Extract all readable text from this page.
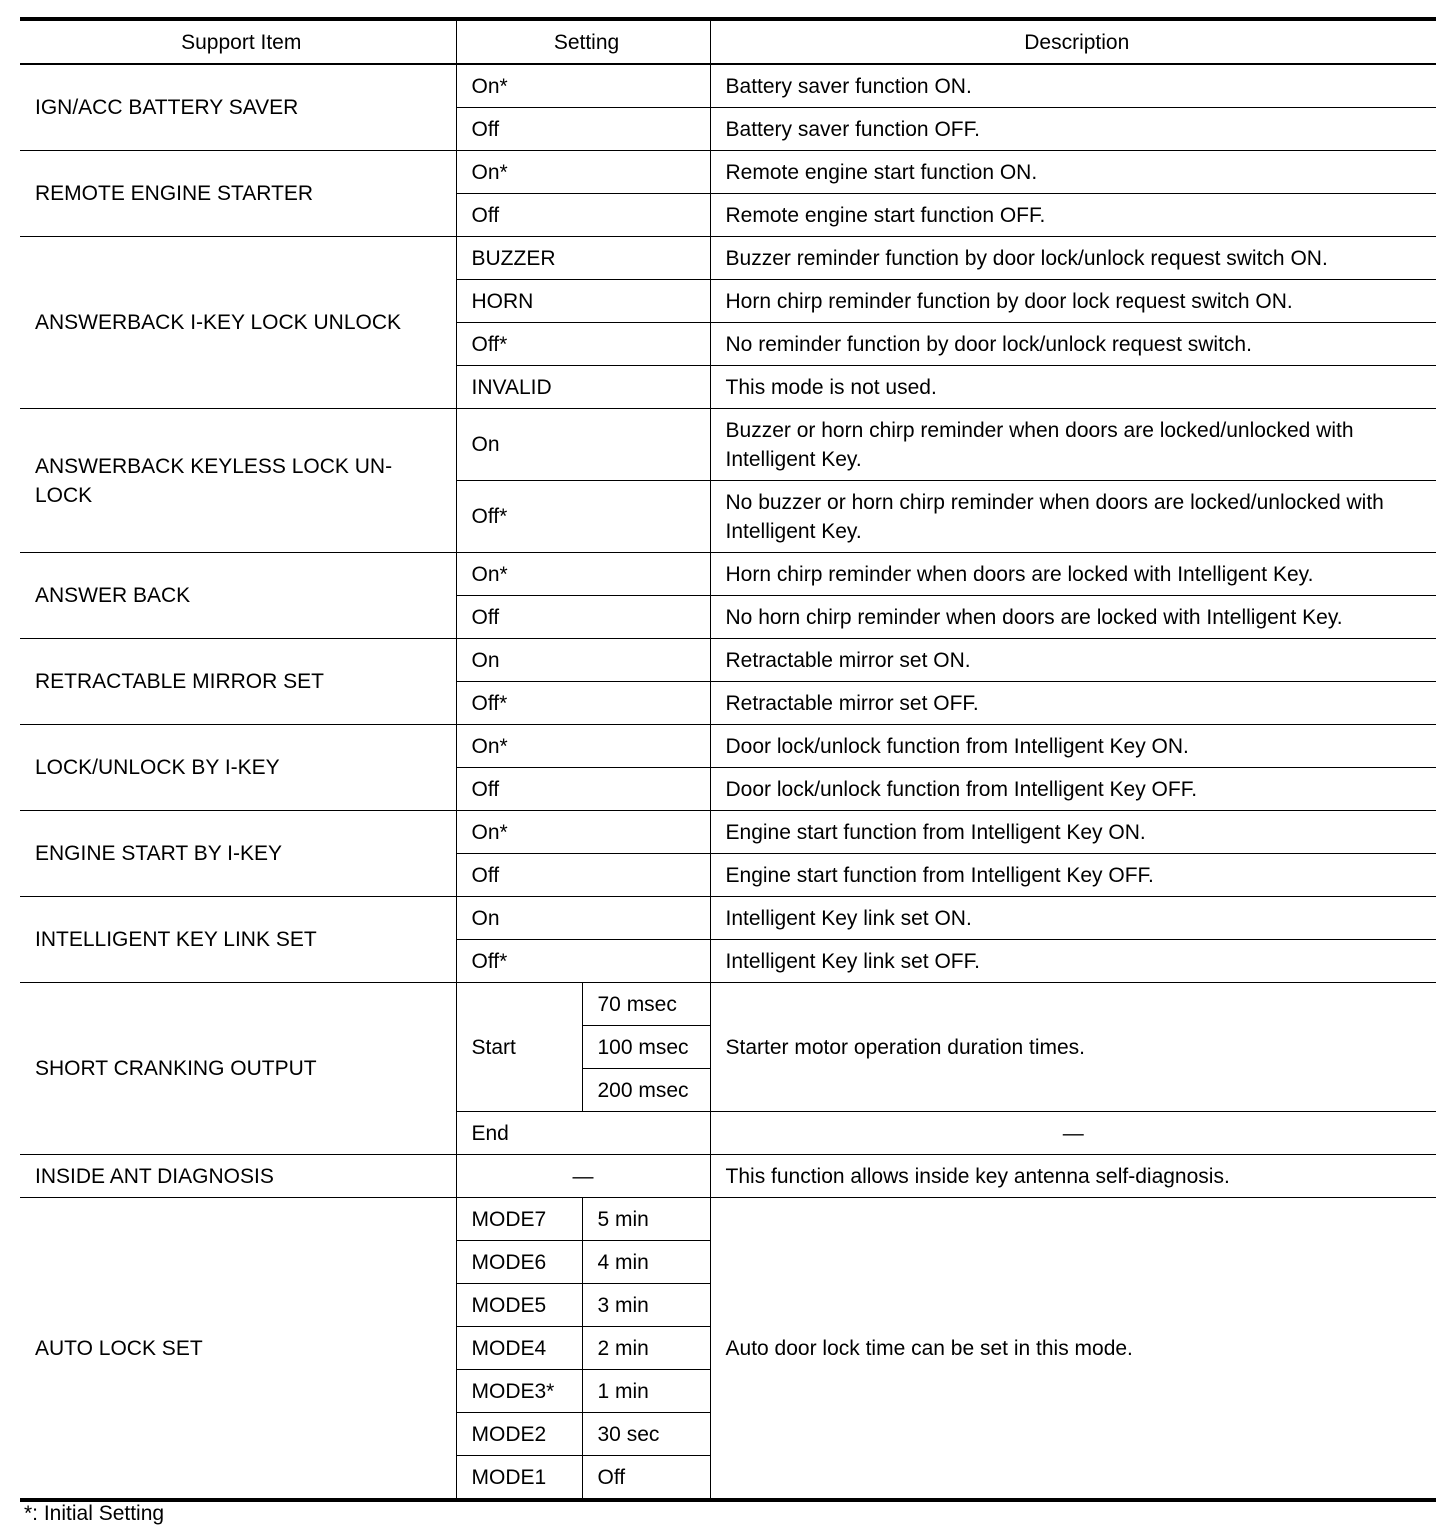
Support Item	Setting		Description
IGN/ACC BATTERY SAVER	On*		Battery saver function ON.
	Off		Battery saver function OFF.
REMOTE ENGINE STARTER	On*		Remote engine start function ON.
	Off		Remote engine start function OFF.
ANSWERBACK I-KEY LOCK UNLOCK	BUZZER		Buzzer reminder function by door lock/unlock request switch ON.
	HORN		Horn chirp reminder function by door lock request switch ON.
	Off*		No reminder function by door lock/unlock request switch.
	INVALID		This mode is not used.
ANSWERBACK KEYLESS LOCK UN-LOCK	On		Buzzer or horn chirp reminder when doors are locked/unlocked with Intelligent Key.
	Off*		No buzzer or horn chirp reminder when doors are locked/unlocked with Intelligent Key.
ANSWER BACK	On*		Horn chirp reminder when doors are locked with Intelligent Key.
	Off		No horn chirp reminder when doors are locked with Intelligent Key.
RETRACTABLE MIRROR SET	On		Retractable mirror set ON.
	Off*		Retractable mirror set OFF.
LOCK/UNLOCK BY I-KEY	On*		Door lock/unlock function from Intelligent Key ON.
	Off		Door lock/unlock function from Intelligent Key OFF.
ENGINE START BY I-KEY	On*		Engine start function from Intelligent Key ON.
	Off		Engine start function from Intelligent Key OFF.
INTELLIGENT KEY LINK SET	On		Intelligent Key link set ON.
	Off*		Intelligent Key link set OFF.
SHORT CRANKING OUTPUT	Start	70 msec	Starter motor operation duration times.
		100 msec	
		200 msec	
	End		—
INSIDE ANT DIAGNOSIS	—		This function allows inside key antenna self-diagnosis.
AUTO LOCK SET	MODE7	5 min	Auto door lock time can be set in this mode.
	MODE6	4 min	
	MODE5	3 min	
	MODE4	2 min	
	MODE3*	1 min	
	MODE2	30 sec	
	MODE1	Off	
*: Initial Setting
